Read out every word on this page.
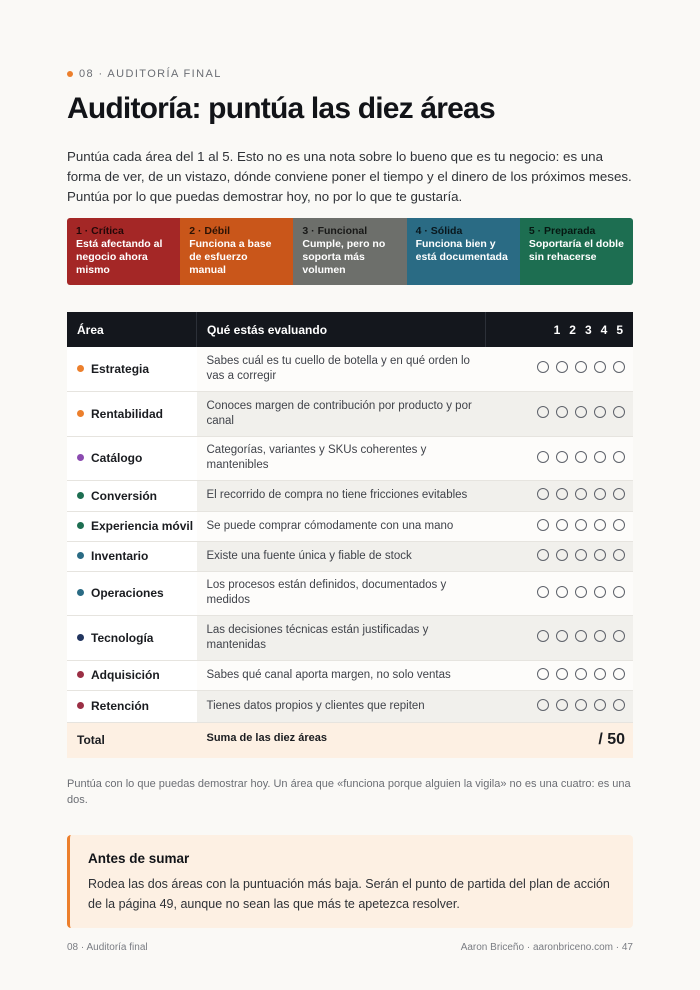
08 · AUDITORÍA FINAL
Auditoría: puntúa las diez áreas

Puntúa cada área del 1 al 5. Esto no es una nota sobre lo bueno que es tu negocio: es una forma de ver, de un vistazo, dónde conviene poner el tiempo y el dinero de los próximos meses. Puntúa por lo que puedas demostrar hoy, no por lo que te gustaría.

1 · Crítica
Está afectando al negocio ahora mismo
2 · Débil
Funciona a base de esfuerzo manual
3 · Funcional
Cumple, pero no soporta más volumen
4 · Sólida
Funciona bien y está documentada
5 · Preparada
Soportaría el doble sin rehacerse
Área	Qué estás evaluando	1 2 3 4 5

Estrategia	Sabes cuál es tu cuello de botella y en qué orden lo vas a corregir	

Rentabilidad	Conoces margen de contribución por producto y por canal	

Catálogo	Categorías, variantes y SKUs coherentes y mantenibles	

Conversión	El recorrido de compra no tiene fricciones evitables	

Experiencia móvil	Se puede comprar cómodamente con una mano	

Inventario	Existe una fuente única y fiable de stock	

Operaciones	Los procesos están definidos, documentados y medidos	

Tecnología	Las decisiones técnicas están justificadas y mantenidas	

Adquisición	Sabes qué canal aporta margen, no solo ventas	

Retención	Tienes datos propios y clientes que repiten	

Total	Suma de las diez áreas	/ 50

Puntúa con lo que puedas demostrar hoy. Un área que «funciona porque alguien la vigila» no es una cuatro: es una dos.

Antes de sumar
Rodea las dos áreas con la puntuación más baja. Serán el punto de partida del plan de acción de la página 49, aunque no sean las que más te apetezca resolver.
08 · Auditoría final	Aaron Briceño · aaronbriceno.com · 47
